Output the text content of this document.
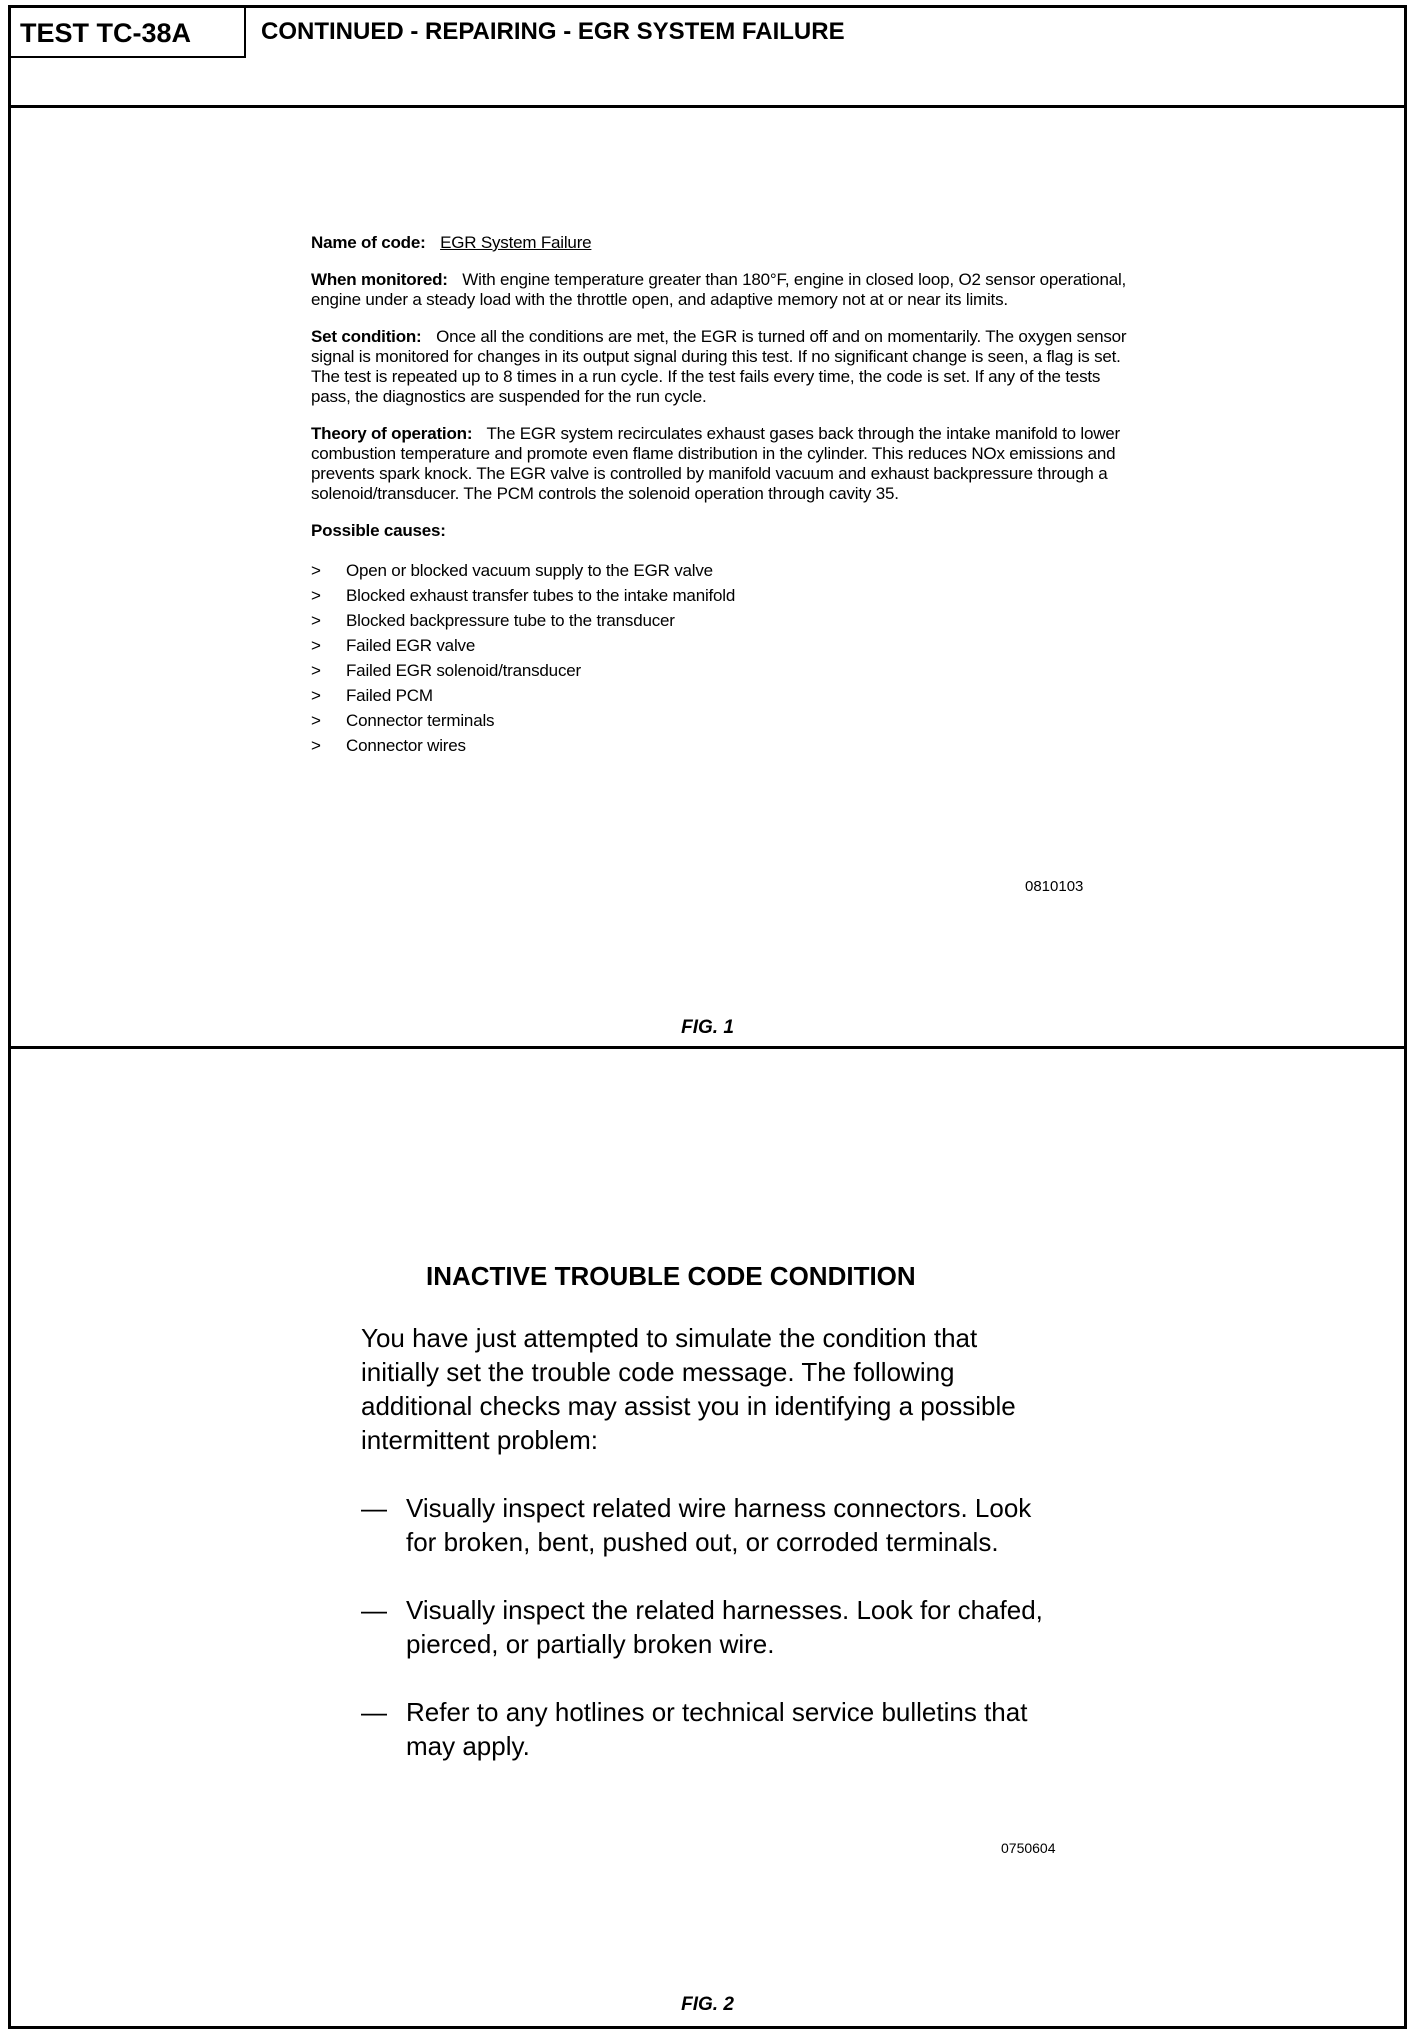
TEST TC-38A	CONTINUED - REPAIRING - EGR SYSTEM FAILURE

Name of code: EGR System Failure

When monitored: With engine temperature greater than 180°F, engine in closed loop, O2 sensor operational, engine under a steady load with the throttle open, and adaptive memory not at or near its limits.

Set condition: Once all the conditions are met, the EGR is turned off and on momentarily. The oxygen sensor signal is monitored for changes in its output signal during this test. If no significant change is seen, a flag is set. The test is repeated up to 8 times in a run cycle. If the test fails every time, the code is set. If any of the tests pass, the diagnostics are suspended for the run cycle.

Theory of operation: The EGR system recirculates exhaust gases back through the intake manifold to lower combustion temperature and promote even flame distribution in the cylinder. This reduces NOx emissions and prevents spark knock. The EGR valve is controlled by manifold vacuum and exhaust backpressure through a solenoid/transducer. The PCM controls the solenoid operation through cavity 35.

Possible causes:

> Open or blocked vacuum supply to the EGR valve
> Blocked exhaust transfer tubes to the intake manifold
> Blocked backpressure tube to the transducer
> Failed EGR valve
> Failed EGR solenoid/transducer
> Failed PCM
> Connector terminals
> Connector wires
0810103
FIG. 1
INACTIVE TROUBLE CODE CONDITION

You have just attempted to simulate the condition that initially set the trouble code message. The following additional checks may assist you in identifying a possible intermittent problem:

— Visually inspect related wire harness connectors. Look for broken, bent, pushed out, or corroded terminals.
— Visually inspect the related harnesses. Look for chafed, pierced, or partially broken wire.
— Refer to any hotlines or technical service bulletins that may apply.
0750604
FIG. 2
